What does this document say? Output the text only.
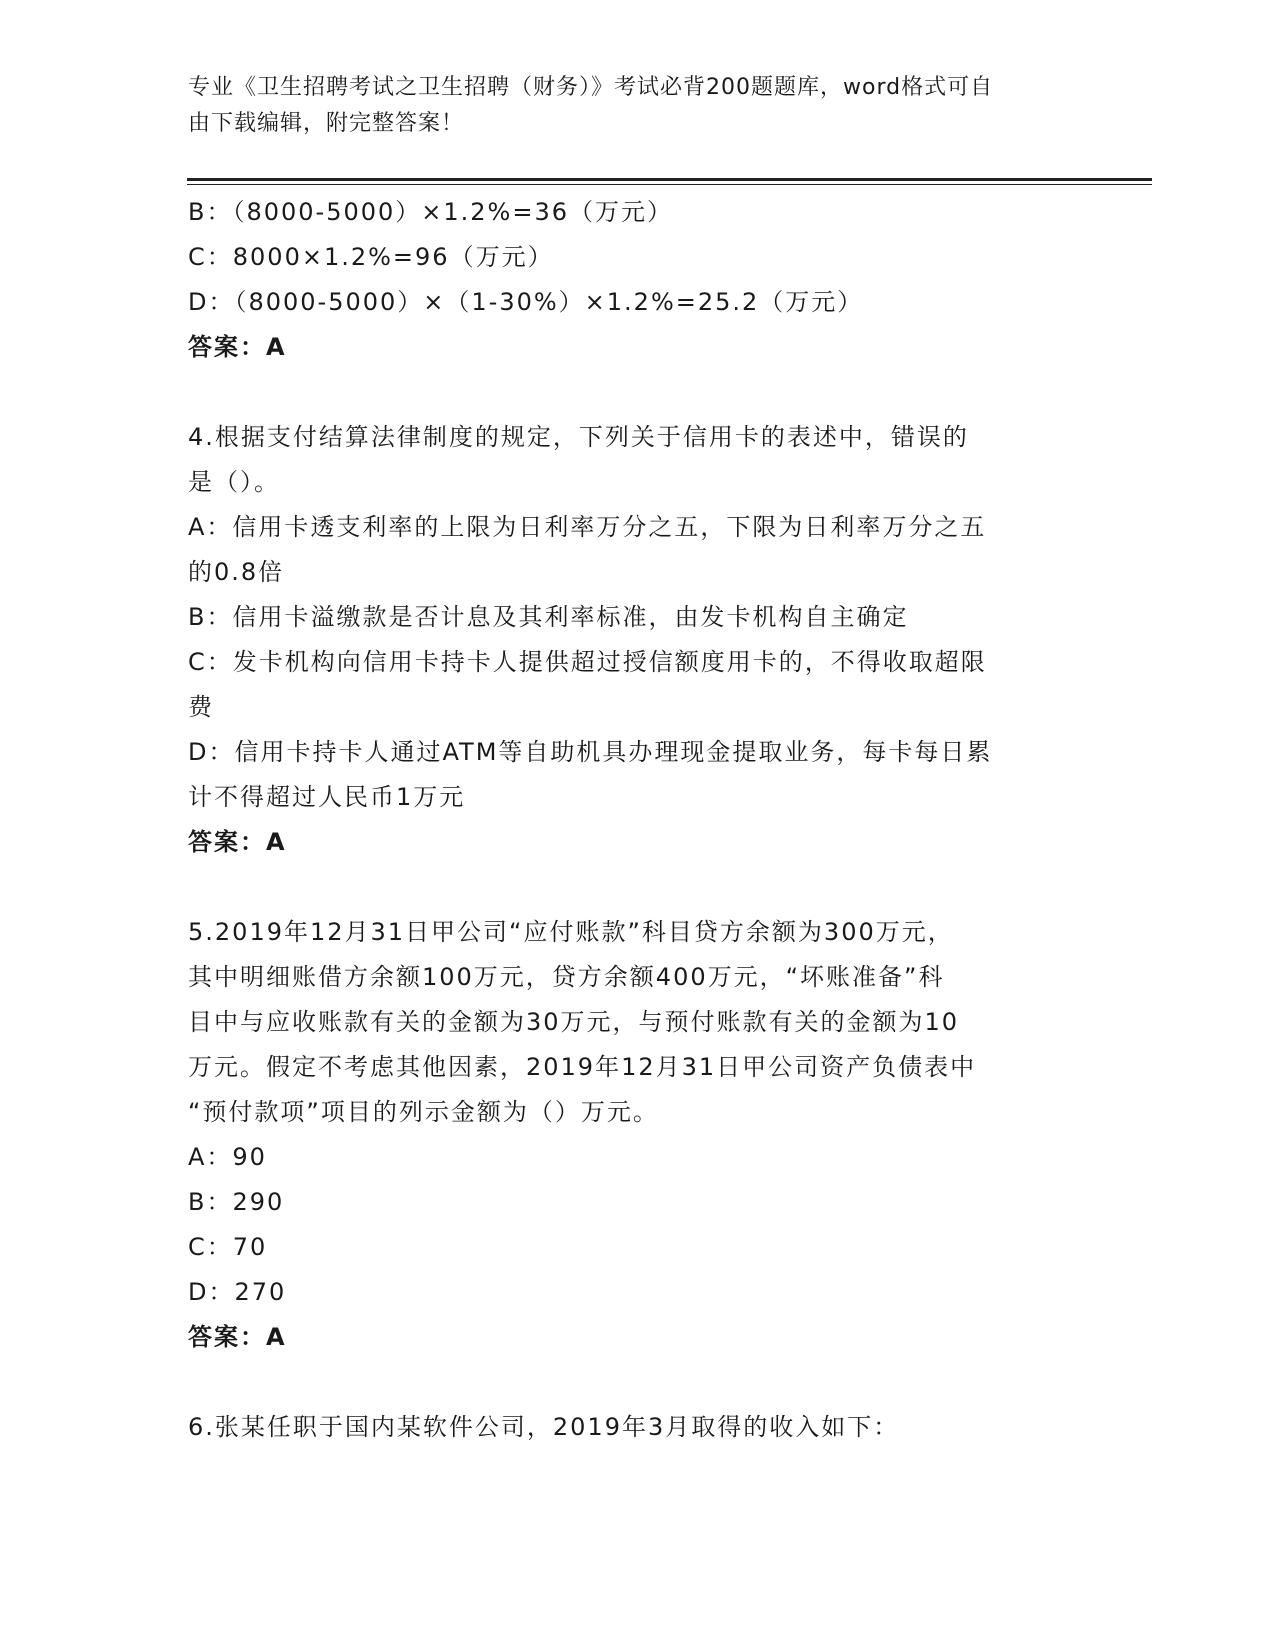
专业《卫生招聘考试之卫生招聘（财务）》考试必背200题题库，word格式可自
由下载编辑，附完整答案！

B：（8000-5000）×1.2%=36（万元）

C：8000×1.2%=96（万元）

D：（8000-5000）×（1-30%）×1.2%=25.2（万元）

答案：A

4.根据支付结算法律制度的规定，下列关于信用卡的表述中，错误的

是（）。

A：信用卡透支利率的上限为日利率万分之五，下限为日利率万分之五

的0.8倍

B：信用卡溢缴款是否计息及其利率标准，由发卡机构自主确定

C：发卡机构向信用卡持卡人提供超过授信额度用卡的，不得收取超限

费

D：信用卡持卡人通过ATM等自助机具办理现金提取业务，每卡每日累

计不得超过人民币1万元

答案：A

5.2019年12月31日甲公司“应付账款”科目贷方余额为300万元，

其中明细账借方余额100万元，贷方余额400万元，“坏账准备”科

目中与应收账款有关的金额为30万元，与预付账款有关的金额为10

万元。假定不考虑其他因素，2019年12月31日甲公司资产负债表中

“预付款项”项目的列示金额为（）万元。

A：90

B：290

C：70

D：270

答案：A

6.张某任职于国内某软件公司，2019年3月取得的收入如下：
